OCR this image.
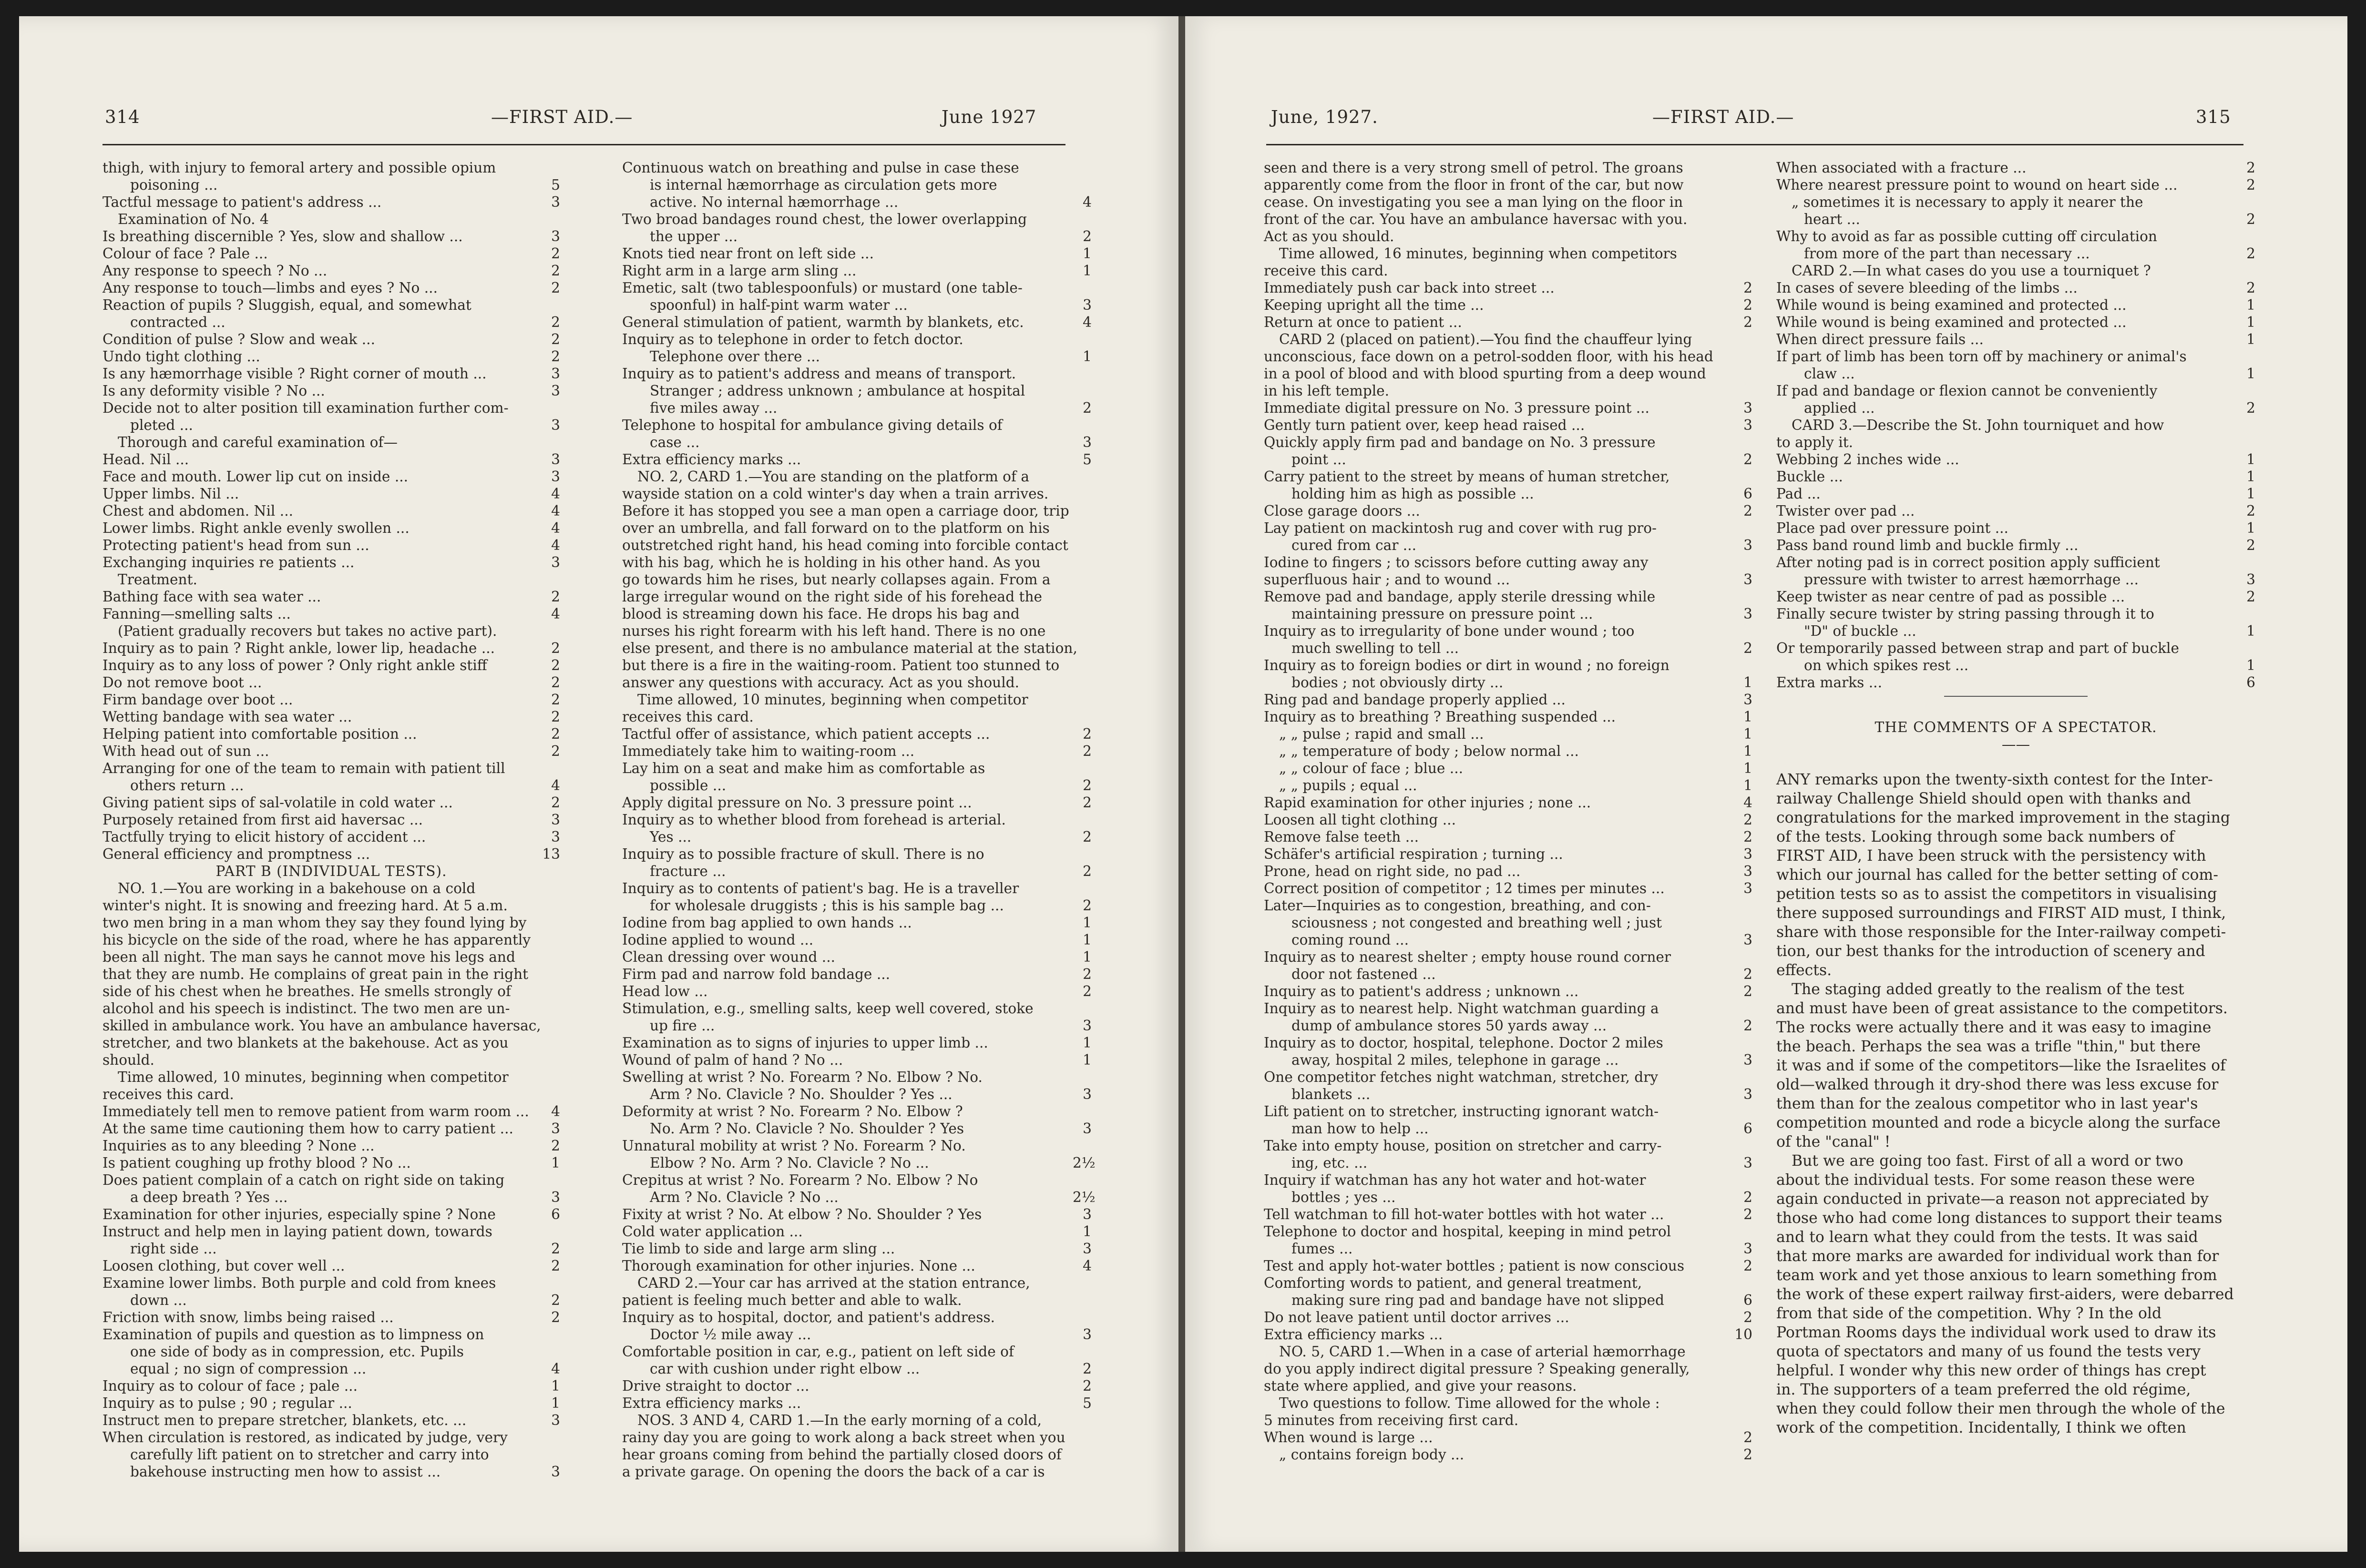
314	—FIRST AID.—	June 1927
thigh, with injury to femoral artery and possible opium
poisoning ...	5
Tactful message to patient's address ...	3
Examination of No. 4
Is breathing discernible ? Yes, slow and shallow ...	3
Colour of face ? Pale ...	2
Any response to speech ? No ...	2
Any response to touch—limbs and eyes ? No ...	2
Reaction of pupils ? Sluggish, equal, and somewhat
contracted ...	2
Condition of pulse ? Slow and weak ...	2
Undo tight clothing ...	2
Is any hæmorrhage visible ? Right corner of mouth ...	3
Is any deformity visible ? No ...	3
Decide not to alter position till examination further com-
pleted ...	3
Thorough and careful examination of—
Head. Nil ...	3
Face and mouth. Lower lip cut on inside ...	3
Upper limbs. Nil ...	4
Chest and abdomen. Nil ...	4
Lower limbs. Right ankle evenly swollen ...	4
Protecting patient's head from sun ...	4
Exchanging inquiries re patients ...	3
Treatment.
Bathing face with sea water ...	2
Fanning—smelling salts ...	4
(Patient gradually recovers but takes no active part).
Inquiry as to pain ? Right ankle, lower lip, headache ...	2
Inquiry as to any loss of power ? Only right ankle stiff	2
Do not remove boot ...	2
Firm bandage over boot ...	2
Wetting bandage with sea water ...	2
Helping patient into comfortable position ...	2
With head out of sun ...	2
Arranging for one of the team to remain with patient till
others return ...	4
Giving patient sips of sal-volatile in cold water ...	2
Purposely retained from first aid haversac ...	3
Tactfully trying to elicit history of accident ...	3
General efficiency and promptness ...	13
PART B (INDIVIDUAL TESTS).
NO. 1.—You are working in a bakehouse on a cold
winter's night. It is snowing and freezing hard. At 5 a.m.
two men bring in a man whom they say they found lying by
his bicycle on the side of the road, where he has apparently
been all night. The man says he cannot move his legs and
that they are numb. He complains of great pain in the right
side of his chest when he breathes. He smells strongly of
alcohol and his speech is indistinct. The two men are un-
skilled in ambulance work. You have an ambulance haversac,
stretcher, and two blankets at the bakehouse. Act as you
should.
Time allowed, 10 minutes, beginning when competitor
receives this card.
Immediately tell men to remove patient from warm room ...	4
At the same time cautioning them how to carry patient ...	3
Inquiries as to any bleeding ? None ...	2
Is patient coughing up frothy blood ? No ...	1
Does patient complain of a catch on right side on taking
a deep breath ? Yes ...	3
Examination for other injuries, especially spine ? None	6
Instruct and help men in laying patient down, towards
right side ...	2
Loosen clothing, but cover well ...	2
Examine lower limbs. Both purple and cold from knees
down ...	2
Friction with snow, limbs being raised ...	2
Examination of pupils and question as to limpness on
one side of body as in compression, etc. Pupils
equal ; no sign of compression ...	4
Inquiry as to colour of face ; pale ...	1
Inquiry as to pulse ; 90 ; regular ...	1
Instruct men to prepare stretcher, blankets, etc. ...	3
When circulation is restored, as indicated by judge, very
carefully lift patient on to stretcher and carry into
bakehouse instructing men how to assist ...	3
Continuous watch on breathing and pulse in case these
is internal hæmorrhage as circulation gets more
active. No internal hæmorrhage ...	4
Two broad bandages round chest, the lower overlapping
the upper ...	2
Knots tied near front on left side ...	1
Right arm in a large arm sling ...	1
Emetic, salt (two tablespoonfuls) or mustard (one table-
spoonful) in half-pint warm water ...	3
General stimulation of patient, warmth by blankets, etc.	4
Inquiry as to telephone in order to fetch doctor.
Telephone over there ...	1
Inquiry as to patient's address and means of transport.
Stranger ; address unknown ; ambulance at hospital
five miles away ...	2
Telephone to hospital for ambulance giving details of
case ...	3
Extra efficiency marks ...	5
NO. 2, CARD 1.—You are standing on the platform of a
wayside station on a cold winter's day when a train arrives.
Before it has stopped you see a man open a carriage door, trip
over an umbrella, and fall forward on to the platform on his
outstretched right hand, his head coming into forcible contact
with his bag, which he is holding in his other hand. As you
go towards him he rises, but nearly collapses again. From a
large irregular wound on the right side of his forehead the
blood is streaming down his face. He drops his bag and
nurses his right forearm with his left hand. There is no one
else present, and there is no ambulance material at the station,
but there is a fire in the waiting-room. Patient too stunned to
answer any questions with accuracy. Act as you should.
Time allowed, 10 minutes, beginning when competitor
receives this card.
Tactful offer of assistance, which patient accepts ...	2
Immediately take him to waiting-room ...	2
Lay him on a seat and make him as comfortable as
possible ...	2
Apply digital pressure on No. 3 pressure point ...	2
Inquiry as to whether blood from forehead is arterial.
Yes ...	2
Inquiry as to possible fracture of skull. There is no
fracture ...	2
Inquiry as to contents of patient's bag. He is a traveller
for wholesale druggists ; this is his sample bag ...	2
Iodine from bag applied to own hands ...	1
Iodine applied to wound ...	1
Clean dressing over wound ...	1
Firm pad and narrow fold bandage ...	2
Head low ...	2
Stimulation, e.g., smelling salts, keep well covered, stoke
up fire ...	3
Examination as to signs of injuries to upper limb ...	1
Wound of palm of hand ? No ...	1
Swelling at wrist ? No. Forearm ? No. Elbow ? No.
Arm ? No. Clavicle ? No. Shoulder ? Yes ...	3
Deformity at wrist ? No. Forearm ? No. Elbow ?
No. Arm ? No. Clavicle ? No. Shoulder ? Yes	3
Unnatural mobility at wrist ? No. Forearm ? No.
Elbow ? No. Arm ? No. Clavicle ? No ...	2½
Crepitus at wrist ? No. Forearm ? No. Elbow ? No
Arm ? No. Clavicle ? No ...	2½
Fixity at wrist ? No. At elbow ? No. Shoulder ? Yes	3
Cold water application ...	1
Tie limb to side and large arm sling ...	3
Thorough examination for other injuries. None ...	4
CARD 2.—Your car has arrived at the station entrance,
patient is feeling much better and able to walk.
Inquiry as to hospital, doctor, and patient's address.
Doctor ½ mile away ...	3
Comfortable position in car, e.g., patient on left side of
car with cushion under right elbow ...	2
Drive straight to doctor ...	2
Extra efficiency marks ...	5
NOS. 3 AND 4, CARD 1.—In the early morning of a cold,
rainy day you are going to work along a back street when you
hear groans coming from behind the partially closed doors of
a private garage. On opening the doors the back of a car is
June, 1927.	—FIRST AID.—	315
seen and there is a very strong smell of petrol. The groans
apparently come from the floor in front of the car, but now
cease. On investigating you see a man lying on the floor in
front of the car. You have an ambulance haversac with you.
Act as you should.
Time allowed, 16 minutes, beginning when competitors
receive this card.
Immediately push car back into street ...	2
Keeping upright all the time ...	2
Return at once to patient ...	2
CARD 2 (placed on patient).—You find the chauffeur lying
unconscious, face down on a petrol-sodden floor, with his head
in a pool of blood and with blood spurting from a deep wound
in his left temple.
Immediate digital pressure on No. 3 pressure point ...	3
Gently turn patient over, keep head raised ...	3
Quickly apply firm pad and bandage on No. 3 pressure
point ...	2
Carry patient to the street by means of human stretcher,
holding him as high as possible ...	6
Close garage doors ...	2
Lay patient on mackintosh rug and cover with rug pro-
cured from car ...	3
Iodine to fingers ; to scissors before cutting away any
superfluous hair ; and to wound ...	3
Remove pad and bandage, apply sterile dressing while
maintaining pressure on pressure point ...	3
Inquiry as to irregularity of bone under wound ; too
much swelling to tell ...	2
Inquiry as to foreign bodies or dirt in wound ; no foreign
bodies ; not obviously dirty ...	1
Ring pad and bandage properly applied ...	3
Inquiry as to breathing ? Breathing suspended ...	1
„ „ pulse ; rapid and small ...	1
„ „ temperature of body ; below normal ...	1
„ „ colour of face ; blue ...	1
„ „ pupils ; equal ...	1
Rapid examination for other injuries ; none ...	4
Loosen all tight clothing ...	2
Remove false teeth ...	2
Schäfer's artificial respiration ; turning ...	3
Prone, head on right side, no pad ...	3
Correct position of competitor ; 12 times per minutes ...	3
Later—Inquiries as to congestion, breathing, and con-
sciousness ; not congested and breathing well ; just
coming round ...	3
Inquiry as to nearest shelter ; empty house round corner
door not fastened ...	2
Inquiry as to patient's address ; unknown ...	2
Inquiry as to nearest help. Night watchman guarding a
dump of ambulance stores 50 yards away ...	2
Inquiry as to doctor, hospital, telephone. Doctor 2 miles
away, hospital 2 miles, telephone in garage ...	3
One competitor fetches night watchman, stretcher, dry
blankets ...	3
Lift patient on to stretcher, instructing ignorant watch-
man how to help ...	6
Take into empty house, position on stretcher and carry-
ing, etc. ...	3
Inquiry if watchman has any hot water and hot-water
bottles ; yes ...	2
Tell watchman to fill hot-water bottles with hot water ...	2
Telephone to doctor and hospital, keeping in mind petrol
fumes ...	3
Test and apply hot-water bottles ; patient is now conscious	2
Comforting words to patient, and general treatment,
making sure ring pad and bandage have not slipped	6
Do not leave patient until doctor arrives ...	2
Extra efficiency marks ...	10
NO. 5, CARD 1.—When in a case of arterial hæmorrhage
do you apply indirect digital pressure ? Speaking generally,
state where applied, and give your reasons.
Two questions to follow. Time allowed for the whole :
5 minutes from receiving first card.
When wound is large ...	2
„ contains foreign body ...	2
When associated with a fracture ...	2
Where nearest pressure point to wound on heart side ...	2
„ sometimes it is necessary to apply it nearer the
heart ...	2
Why to avoid as far as possible cutting off circulation
from more of the part than necessary ...	2
CARD 2.—In what cases do you use a tourniquet ?
In cases of severe bleeding of the limbs ...	2
While wound is being examined and protected ...	1
While wound is being examined and protected ...	1
When direct pressure fails ...	1
If part of limb has been torn off by machinery or animal's
claw ...	1
If pad and bandage or flexion cannot be conveniently
applied ...	2
CARD 3.—Describe the St. John tourniquet and how
to apply it.
Webbing 2 inches wide ...	1
Buckle ...	1
Pad ...	1
Twister over pad ...	2
Place pad over pressure point ...	1
Pass band round limb and buckle firmly ...	2
After noting pad is in correct position apply sufficient
pressure with twister to arrest hæmorrhage ...	3
Keep twister as near centre of pad as possible ...	2
Finally secure twister by string passing through it to
"D" of buckle ...	1
Or temporarily passed between strap and part of buckle
on which spikes rest ...	1
Extra marks ...	6
THE COMMENTS OF A SPECTATOR.
——
ANY remarks upon the twenty-sixth contest for the Inter-
railway Challenge Shield should open with thanks and
congratulations for the marked improvement in the staging
of the tests. Looking through some back numbers of
FIRST AID, I have been struck with the persistency with
which our journal has called for the better setting of com-
petition tests so as to assist the competitors in visualising
there supposed surroundings and FIRST AID must, I think,
share with those responsible for the Inter-railway competi-
tion, our best thanks for the introduction of scenery and
effects.
The staging added greatly to the realism of the test
and must have been of great assistance to the competitors.
The rocks were actually there and it was easy to imagine
the beach. Perhaps the sea was a trifle "thin," but there
it was and if some of the competitors—like the Israelites of
old—walked through it dry-shod there was less excuse for
them than for the zealous competitor who in last year's
competition mounted and rode a bicycle along the surface
of the "canal" !
But we are going too fast. First of all a word or two
about the individual tests. For some reason these were
again conducted in private—a reason not appreciated by
those who had come long distances to support their teams
and to learn what they could from the tests. It was said
that more marks are awarded for individual work than for
team work and yet those anxious to learn something from
the work of these expert railway first-aiders, were debarred
from that side of the competition. Why ? In the old
Portman Rooms days the individual work used to draw its
quota of spectators and many of us found the tests very
helpful. I wonder why this new order of things has crept
in. The supporters of a team preferred the old régime,
when they could follow their men through the whole of the
work of the competition. Incidentally, I think we often
